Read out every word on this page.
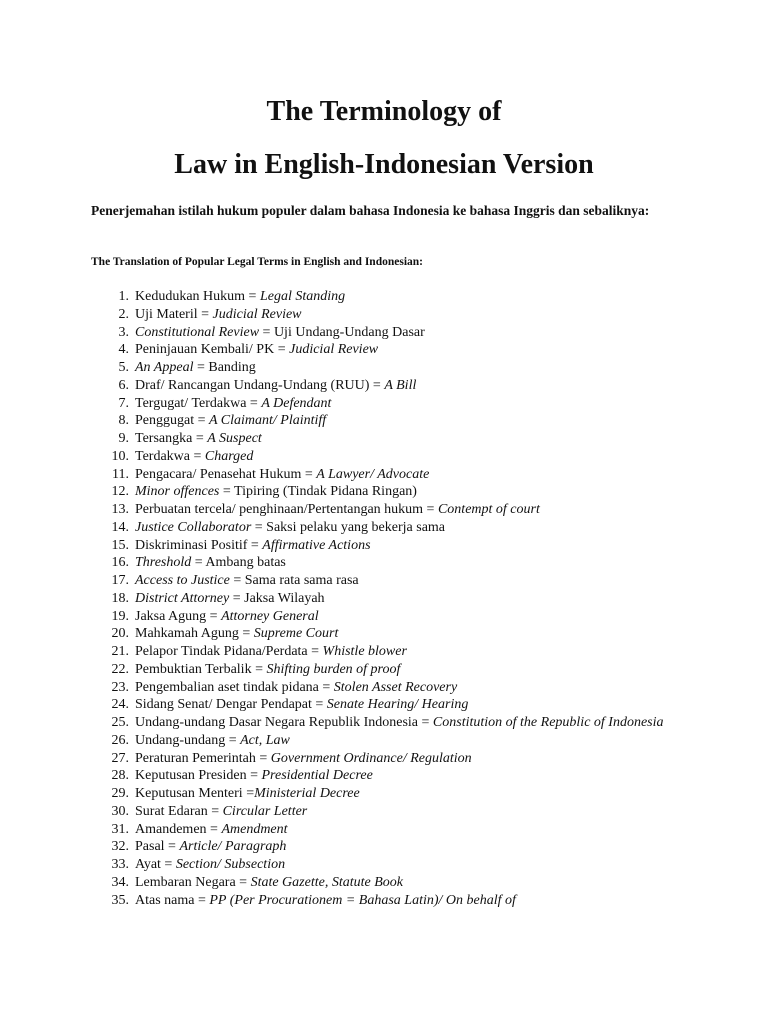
The Terminology of
Law in English-Indonesian Version

Penerjemahan istilah hukum populer dalam bahasa Indonesia ke bahasa Inggris dan sebaliknya:

The Translation of Popular Legal Terms in English and Indonesian:

1. Kedudukan Hukum = Legal Standing
2. Uji Materil = Judicial Review
3. Constitutional Review = Uji Undang-Undang Dasar
4. Peninjauan Kembali/ PK = Judicial Review
5. An Appeal = Banding
6. Draf/ Rancangan Undang-Undang (RUU) = A Bill
7. Tergugat/ Terdakwa = A Defendant
8. Penggugat = A Claimant/ Plaintiff
9. Tersangka = A Suspect
10. Terdakwa = Charged
11. Pengacara/ Penasehat Hukum = A Lawyer/ Advocate
12. Minor offences = Tipiring (Tindak Pidana Ringan)
13. Perbuatan tercela/ penghinaan/Pertentangan hukum = Contempt of court
14. Justice Collaborator = Saksi pelaku yang bekerja sama
15. Diskriminasi Positif = Affirmative Actions
16. Threshold = Ambang batas
17. Access to Justice = Sama rata sama rasa
18. District Attorney = Jaksa Wilayah
19. Jaksa Agung = Attorney General
20. Mahkamah Agung = Supreme Court
21. Pelapor Tindak Pidana/Perdata = Whistle blower
22. Pembuktian Terbalik = Shifting burden of proof
23. Pengembalian aset tindak pidana = Stolen Asset Recovery
24. Sidang Senat/ Dengar Pendapat = Senate Hearing/ Hearing
25. Undang-undang Dasar Negara Republik Indonesia = Constitution of the Republic of Indonesia
26. Undang-undang = Act, Law
27. Peraturan Pemerintah = Government Ordinance/ Regulation
28. Keputusan Presiden = Presidential Decree
29. Keputusan Menteri =Ministerial Decree
30. Surat Edaran = Circular Letter
31. Amandemen = Amendment
32. Pasal = Article/ Paragraph
33. Ayat = Section/ Subsection
34. Lembaran Negara = State Gazette, Statute Book
35. Atas nama = PP (Per Procurationem = Bahasa Latin)/ On behalf of
